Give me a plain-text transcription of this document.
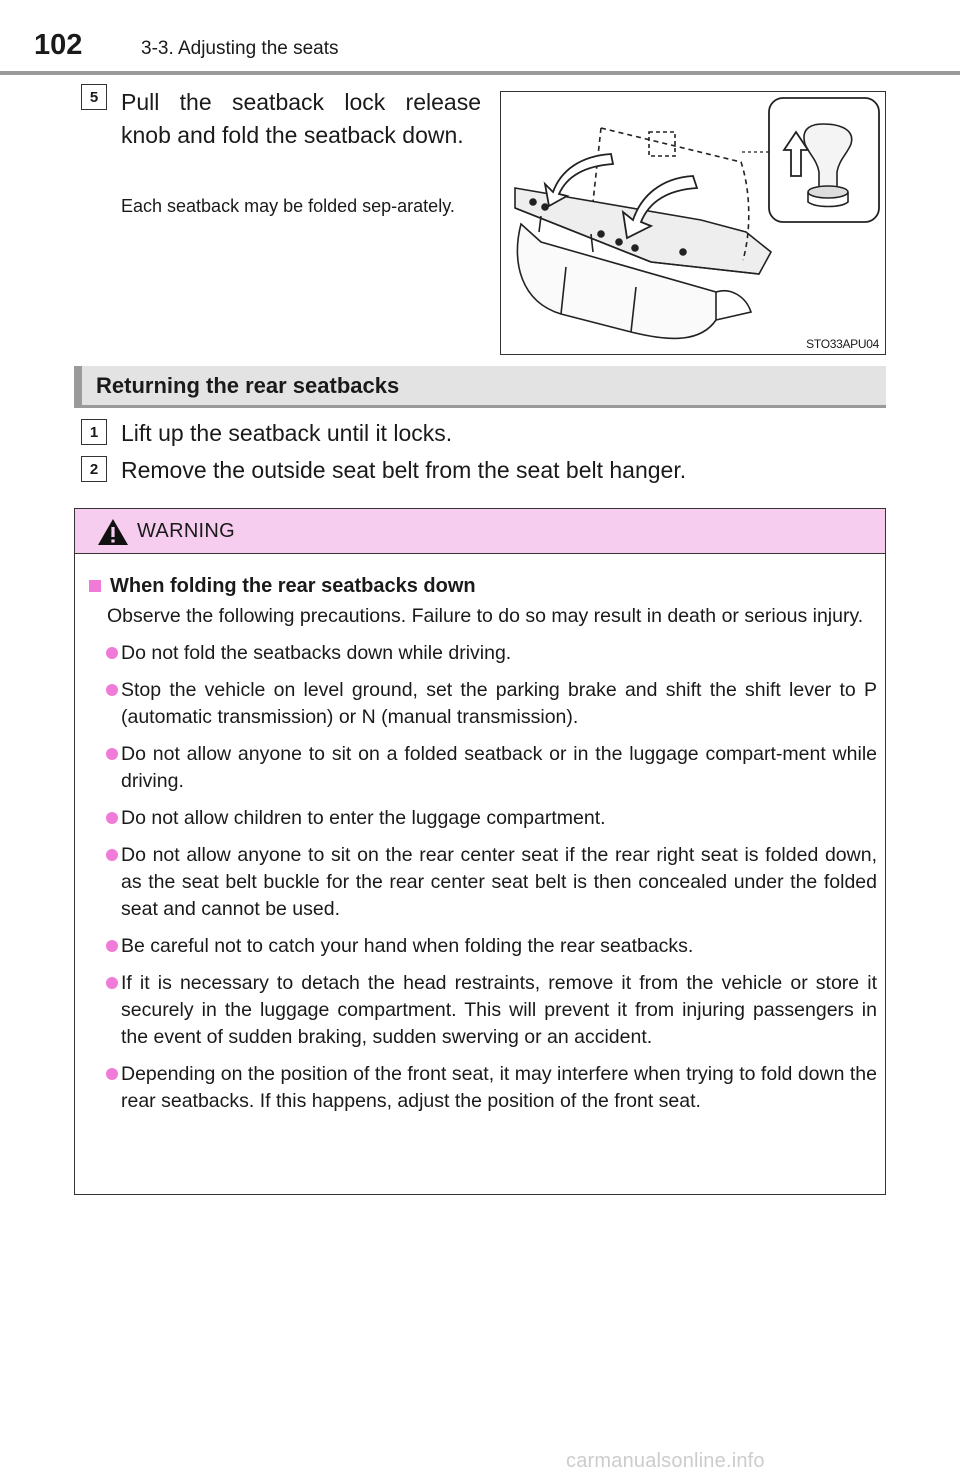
102	3-3. Adjusting the seats
5 Pull the seatback lock release knob and fold the seatback down.
Each seatback may be folded sep-arately.
STO33APU04
Returning the rear seatbacks
1 Lift up the seatback until it locks.
2 Remove the outside seat belt from the seat belt hanger.
WARNING
When folding the rear seatbacks down
Observe the following precautions. Failure to do so may result in death or serious injury.
Do not fold the seatbacks down while driving.
Stop the vehicle on level ground, set the parking brake and shift the shift lever to P (automatic transmission) or N (manual transmission).
Do not allow anyone to sit on a folded seatback or in the luggage compart-ment while driving.
Do not allow children to enter the luggage compartment.
Do not allow anyone to sit on the rear center seat if the rear right seat is folded down, as the seat belt buckle for the rear center seat belt is then concealed under the folded seat and cannot be used.
Be careful not to catch your hand when folding the rear seatbacks.
If it is necessary to detach the head restraints, remove it from the vehicle or store it securely in the luggage compartment. This will prevent it from injuring passengers in the event of sudden braking, sudden swerving or an accident.
Depending on the position of the front seat, it may interfere when trying to fold down the rear seatbacks. If this happens, adjust the position of the front seat.
carmanualsonline.info
